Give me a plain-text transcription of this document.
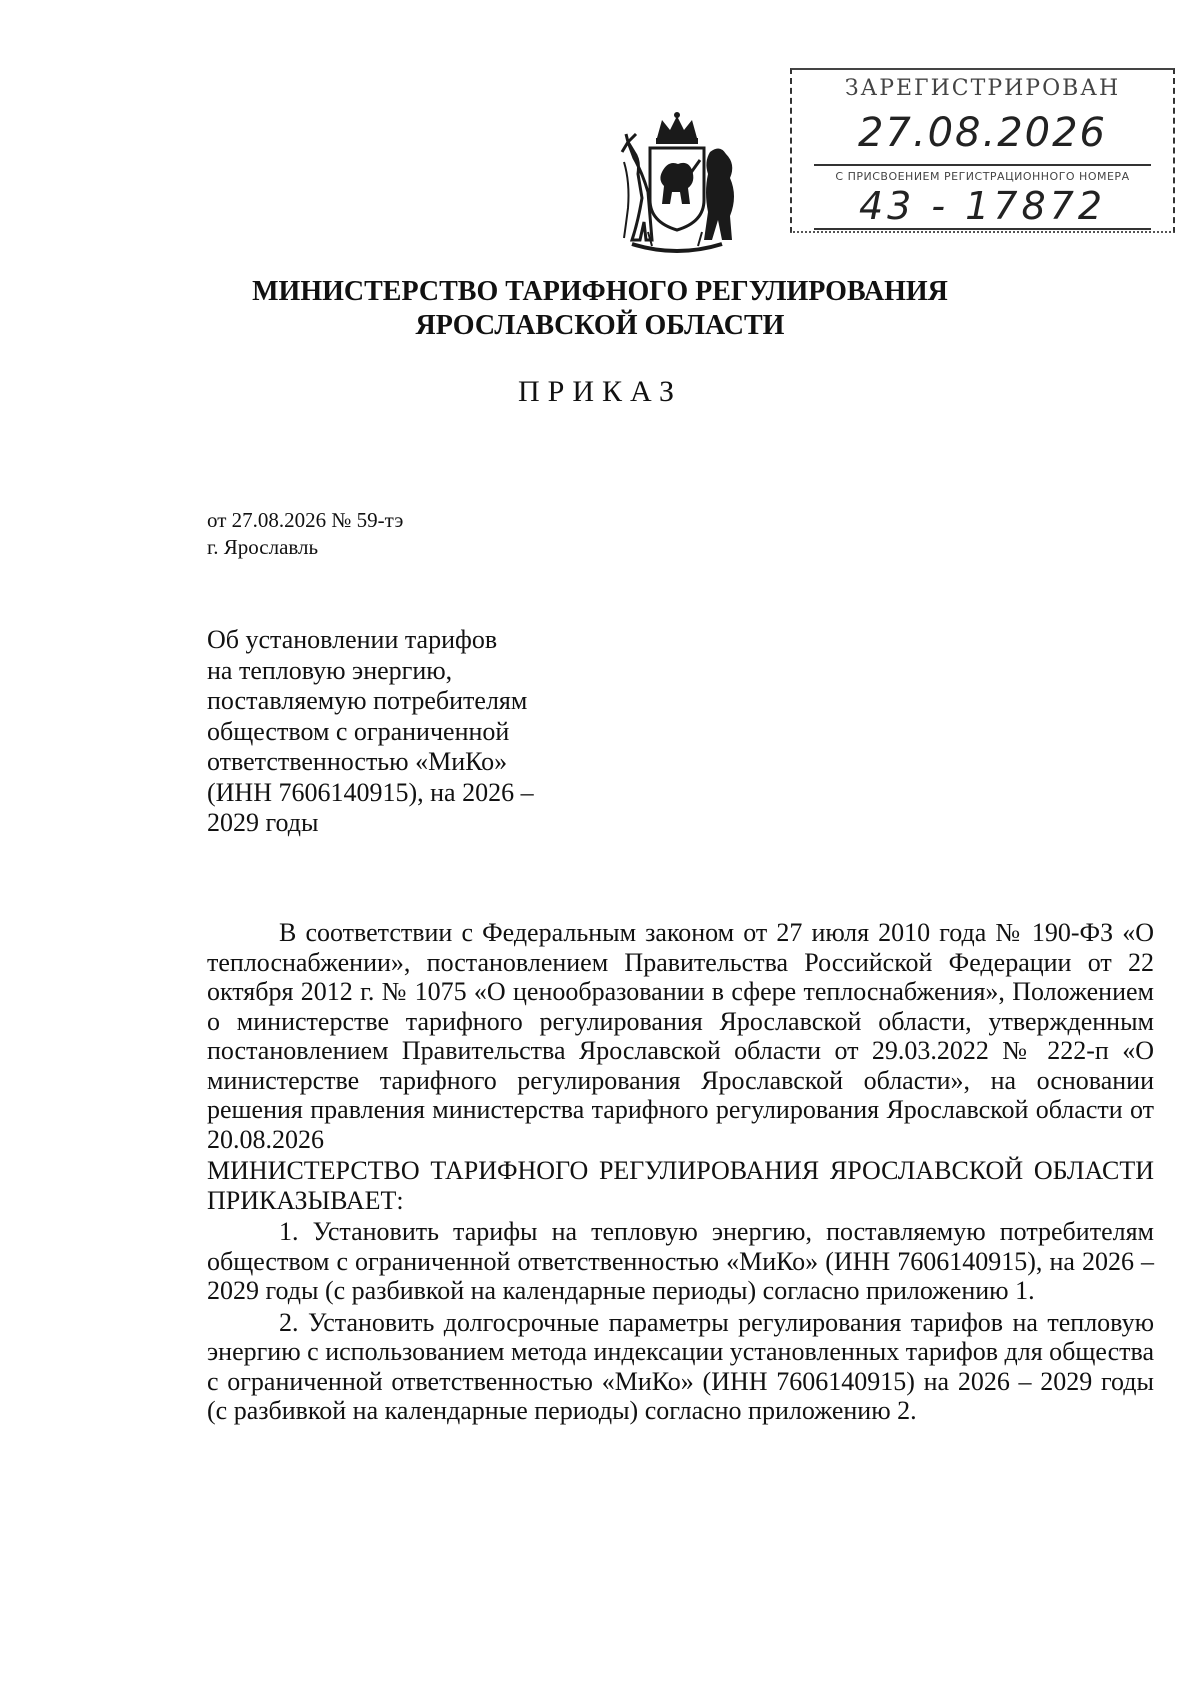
ЗАРЕГИСТРИРОВАН
27.08.2026
С ПРИСВОЕНИЕМ РЕГИСТРАЦИОННОГО НОМЕРА
43 - 17872
МИНИСТЕРСТВО ТАРИФНОГО РЕГУЛИРОВАНИЯ
ЯРОСЛАВСКОЙ ОБЛАСТИ
ПРИКАЗ
от 27.08.2026 № 59-тэ
г. Ярославль
Об установлении тарифов
на тепловую энергию,
поставляемую потребителям
обществом с ограниченной
ответственностью «МиКо»
(ИНН 7606140915), на 2026 –
2029 годы

В соответствии с Федеральным законом от 27 июля 2010 года № 190-ФЗ «О теплоснабжении», постановлением Правительства Российской Федерации от 22 октября 2012 г. № 1075 «О ценообразовании в сфере теплоснабжения», Положением о министерстве тарифного регулирования Ярославской области, утвержденным постановлением Правительства Ярославской области от 29.03.2022 № 222-п «О министерстве тарифного регулирования Ярославской области», на основании решения правления министерства тарифного регулирования Ярославской области от 20.08.2026

МИНИСТЕРСТВО ТАРИФНОГО РЕГУЛИРОВАНИЯ ЯРОСЛАВСКОЙ ОБЛАСТИ ПРИКАЗЫВАЕТ:

1. Установить тарифы на тепловую энергию, поставляемую потребителям обществом с ограниченной ответственностью «МиКо» (ИНН 7606140915), на 2026 – 2029 годы (с разбивкой на календарные периоды) согласно приложению 1.

2. Установить долгосрочные параметры регулирования тарифов на тепловую энергию с использованием метода индексации установленных тарифов для общества с ограниченной ответственностью «МиКо» (ИНН 7606140915) на 2026 – 2029 годы (с разбивкой на календарные периоды) согласно приложению 2.
